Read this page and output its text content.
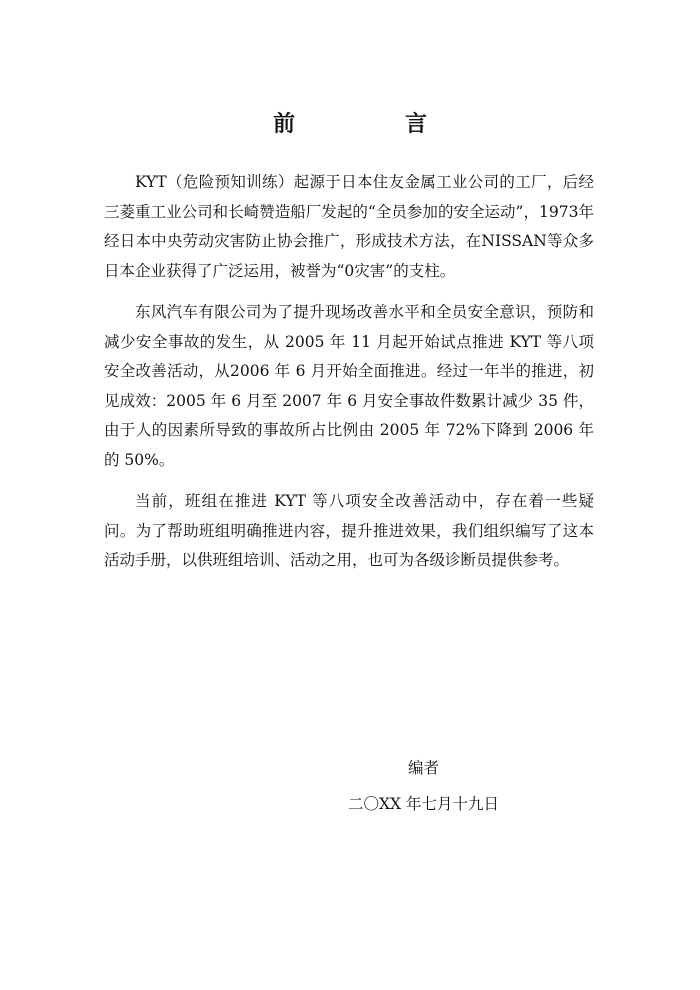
前　言

KYT（危险预知训练）起源于日本住友金属工业公司的工厂，后经三菱重工业公司和长崎赞造船厂发起的“全员参加的安全运动”，1973年经日本中央劳动灾害防止协会推广，形成技术方法，在NISSAN等众多日本企业获得了广泛运用，被誉为“0灾害”的支柱。

东风汽车有限公司为了提升现场改善水平和全员安全意识，预防和减少安全事故的发生，从 2005 年 11 月起开始试点推进 KYT 等八项安全改善活动，从2006 年 6 月开始全面推进。经过一年半的推进，初见成效：2005 年 6 月至 2007 年 6 月安全事故件数累计减少 35 件，由于人的因素所导致的事故所占比例由 2005 年 72%下降到 2006 年的 50%。

当前，班组在推进 KYT 等八项安全改善活动中，存在着一些疑问。为了帮助班组明确推进内容，提升推进效果，我们组织编写了这本活动手册，以供班组培训、活动之用，也可为各级诊断员提供参考。

编者
二〇XX 年七月十九日
